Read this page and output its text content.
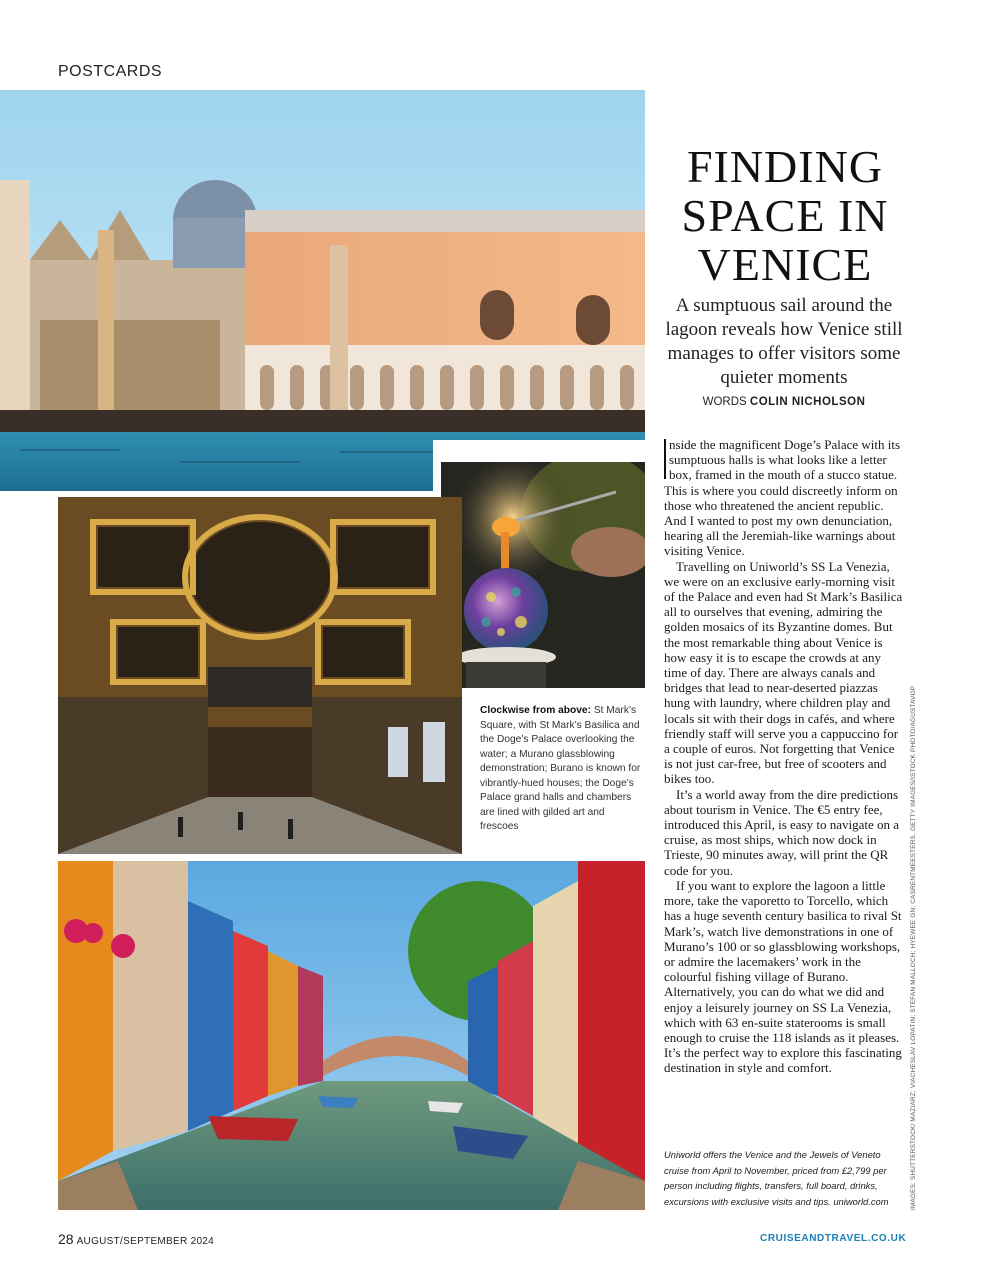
POSTCARDS
FINDING
SPACE IN
VENICE
A sumptuous sail around the lagoon reveals how Venice still manages to offer visitors some quieter moments
WORDS COLIN NICHOLSON

nside the magnificent Doge’s Palace with its sumptuous halls is what looks like a letter box, framed in the mouth of a stucco statue. This is where you could discreetly inform on those who threatened the ancient republic. And I wanted to post my own denunciation, hearing all the Jeremiah-like warnings about visiting Venice.

Travelling on Uniworld’s SS La Venezia, we were on an exclusive early-morning visit of the Palace and even had St Mark’s Basilica all to ourselves that evening, admiring the golden mosaics of its Byzantine domes. But the most remarkable thing about Venice is how easy it is to escape the crowds at any time of day. There are always canals and bridges that lead to near-deserted piazzas hung with laundry, where children play and locals sit with their dogs in cafés, and where friendly staff will serve you a cappuccino for a couple of euros. Not forgetting that Venice is not just car-free, but free of scooters and bikes too.

It’s a world away from the dire predictions about tourism in Venice. The €5 entry fee, introduced this April, is easy to navigate on a cruise, as most ships, which now dock in Trieste, 90 minutes away, will print the QR code for you.

If you want to explore the lagoon a little more, take the vaporetto to Torcello, which has a huge seventh century basilica to rival St Mark’s, watch live demonstrations in one of Murano’s 100 or so glassblowing workshops, or admire the lacemakers’ work in the colourful fishing village of Burano. Alternatively, you can do what we did and enjoy a leisurely journey on SS La Venezia, which with 63 en-suite staterooms is small enough to cruise the 118 islands as it pleases. It’s the perfect way to explore this fascinating destination in style and comfort.

Clockwise from above: St Mark’s Square, with St Mark’s Basilica and the Doge’s Palace overlooking the water; a Murano glassblowing demonstration; Burano is known for vibrantly-hued houses; the Doge’s Palace grand halls and chambers are lined with gilded art and frescoes
Uniworld offers the Venice and the Jewels of Veneto cruise from April to November, priced from £2,799 per person including flights, transfers, full board, drinks, excursions with exclusive visits and tips. uniworld.com	IMAGES: SHUTTERSTOCK/ MAZIARZ; VIACHESLAV LOPATIN; STEFAN MALLOCH; HYEWEE GN; CASRENTMEESTERS, GETTY IMAGES/ISTOCK PHOTO/AGUSTAVOP
28 AUGUST/SEPTEMBER 2024	CRUISEANDTRAVEL.CO.UK
